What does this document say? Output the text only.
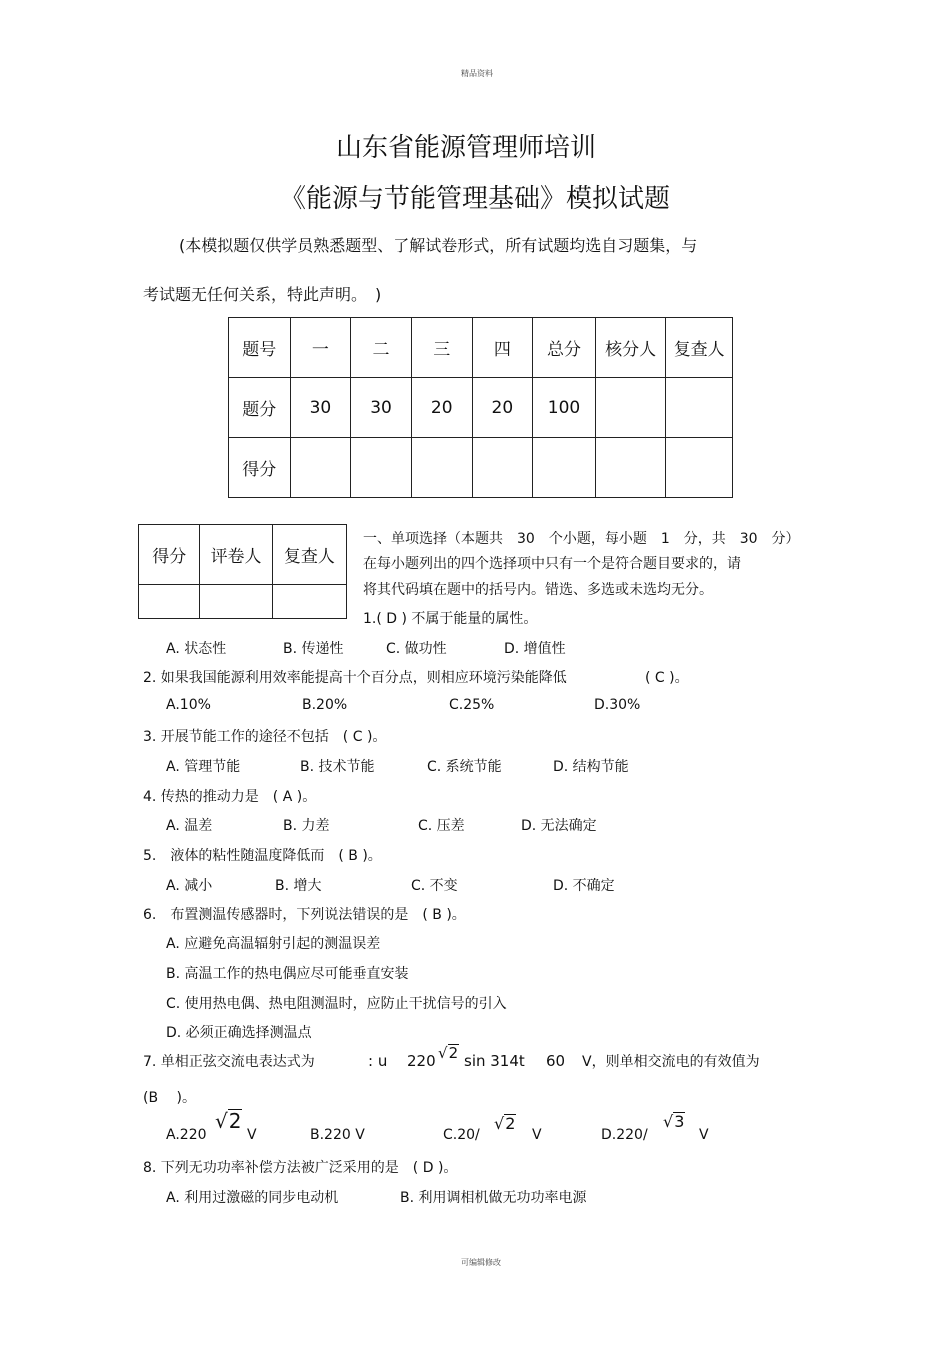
精品资料
山东省能源管理师培训
《能源与节能管理基础》模拟试题
(本模拟题仅供学员熟悉题型、了解试卷形式，所有试题均选自习题集，与
考试题无任何关系，特此声明。　)
题号	一	二	三	四	总分	核分人	复查人
题分	30	30	20	20	100		
得分							
得分	评卷人	复查人

一、单项选择（本题共　30　个小题，每小题　1　分，共　30　分）
在每小题列出的四个选择项中只有一个是符合题目要求的，请
将其代码填在题中的括号内。错选、多选或未选均无分。
1.( D ) 不属于能量的属性。
A. 状态性	B. 传递性	C. 做功性	D. 增值性
2. 如果我国能源利用效率能提高十个百分点，则相应环境污染能降低	( C )。
A.10%	B.20%	C.25%	D.30%
3. 开展节能工作的途径不包括　( C )。
A. 管理节能	B. 技术节能	C. 系统节能	D. 结构节能
4. 传热的推动力是　( A )。
A. 温差	B. 力差	C. 压差	D. 无法确定
5.　液体的粘性随温度降低而　( B )。
A. 减小	B. 增大	C. 不变	D. 不确定
6.　布置测温传感器时，下列说法错误的是　( B )。
A. 应避免高温辐射引起的测温误差
B. 高温工作的热电偶应尽可能垂直安装
C. 使用热电偶、热电阻测温时，应防止干扰信号的引入
D. 必须正确选择测温点
7. 单相正弦交流电表达式为	: u 220 √2 sin 314t 60 V，则单相交流电的有效值为
(B　 )。
A.220
√2
V	B.220 V	C.20/
√2
V	D.220/
√3
V
8. 下列无功功率补偿方法被广泛采用的是　( D )。
A. 利用过激磁的同步电动机	B. 利用调相机做无功功率电源
可编辑修改
